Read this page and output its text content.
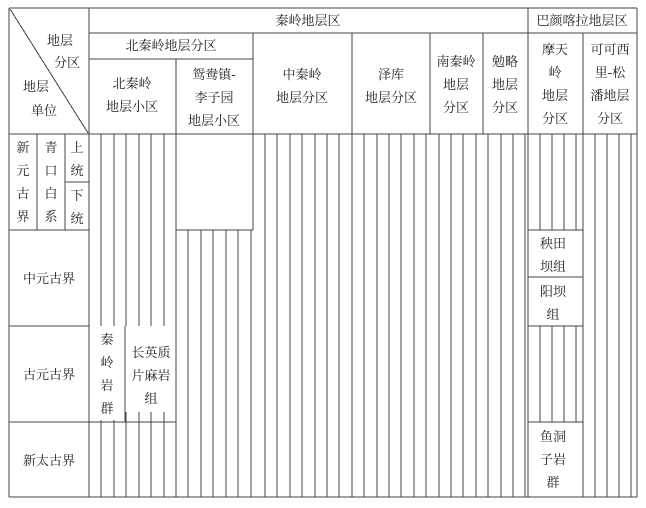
地层
分区
地层
单位
秦岭地层区	巴颜喀拉地层区
北秦岭地层分区
北秦岭
地层小区
鸳鸯镇-
李子园
地层小区
中秦岭
地层分区
泽库
地层分区
南秦岭
地层
分区
勉略
地层
分区
摩天
岭
地层
分区
可可西
里-松
潘地层
分区
新
元
古
界
青
口
白
系
上
统
下
统
中元古界
古元古界
新太古界
秦
岭
岩
群
长英质
片麻岩
组
秧田
坝组
阳坝
组
鱼洞
子岩
群
